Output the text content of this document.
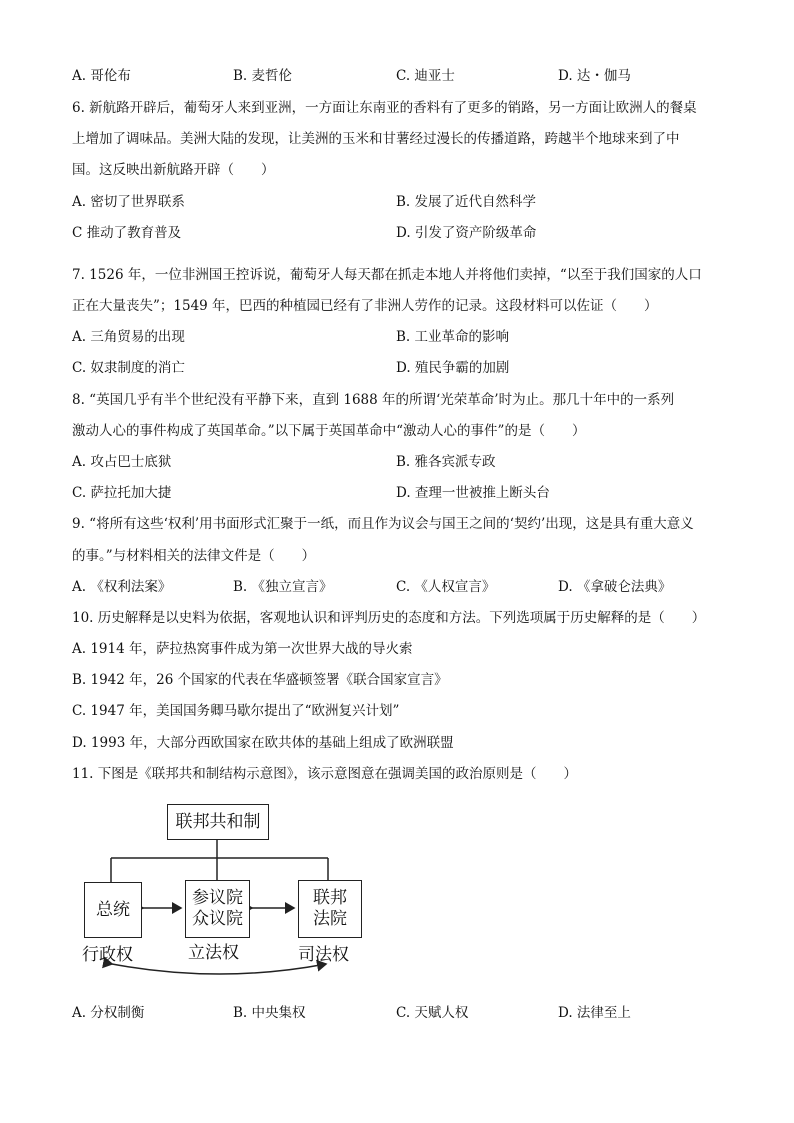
A. 哥伦布	B. 麦哲伦	C. 迪亚士	D. 达・伽马
6. 新航路开辟后，葡萄牙人来到亚洲，一方面让东南亚的香料有了更多的销路，另一方面让欧洲人的餐桌
上增加了调味品。美洲大陆的发现，让美洲的玉米和甘薯经过漫长的传播道路，跨越半个地球来到了中
国。这反映出新航路开辟（　　）
A. 密切了世界联系	B. 发展了近代自然科学
C 推动了教育普及	D. 引发了资产阶级革命
7. 1526 年，一位非洲国王控诉说，葡萄牙人每天都在抓走本地人并将他们卖掉，“以至于我们国家的人口
正在大量丧失”；1549 年，巴西的种植园已经有了非洲人劳作的记录。这段材料可以佐证（　　）
A. 三角贸易的出现	B. 工业革命的影响
C. 奴隶制度的消亡	D. 殖民争霸的加剧
8. “英国几乎有半个世纪没有平静下来，直到 1688 年的所谓‘光荣革命’时为止。那几十年中的一系列
激动人心的事件构成了英国革命。”以下属于英国革命中“激动人心的事件”的是（　　）
A. 攻占巴士底狱	B. 雅各宾派专政
C. 萨拉托加大捷	D. 查理一世被推上断头台
9. “将所有这些‘权利’用书面形式汇聚于一纸，而且作为议会与国王之间的‘契约’出现，这是具有重大意义
的事。”与材料相关的法律文件是（　　）
A. 《权利法案》	B. 《独立宣言》	C. 《人权宣言》	D. 《拿破仑法典》
10. 历史解释是以史料为依据，客观地认识和评判历史的态度和方法。下列选项属于历史解释的是（　　）
A. 1914 年，萨拉热窝事件成为第一次世界大战的导火索
B. 1942 年，26 个国家的代表在华盛顿签署《联合国家宣言》
C. 1947 年，美国国务卿马歇尔提出了“欧洲复兴计划”
D. 1993 年，大部分西欧国家在欧共体的基础上组成了欧洲联盟
11. 下图是《联邦共和制结构示意图》，该示意图意在强调美国的政治原则是（　　）
联邦共和制
总统
参议院
众议院
联邦
法院
行政权	立法权	司法权
A. 分权制衡	B. 中央集权	C. 天赋人权	D. 法律至上
